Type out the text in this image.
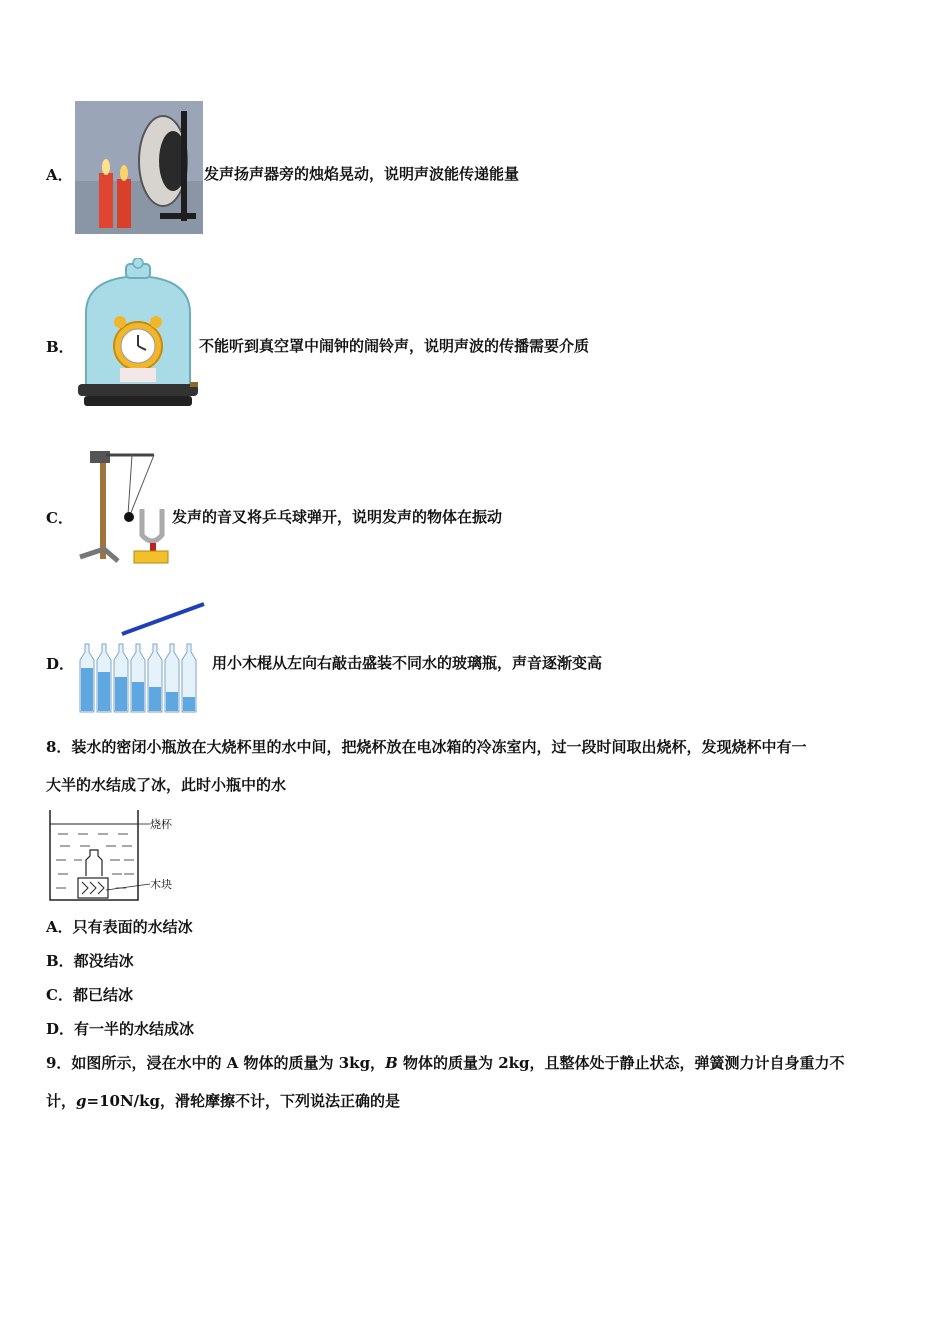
A．	发声扬声器旁的烛焰晃动，说明声波能传递能量
B．	不能听到真空罩中闹钟的闹铃声，说明声波的传播需要介质
C．	发声的音叉将乒乓球弹开，说明发声的物体在振动
D．	用小木棍从左向右敲击盛装不同水的玻璃瓶，声音逐渐变高
8．装水的密闭小瓶放在大烧杯里的水中间，把烧杯放在电冰箱的冷冻室内，过一段时间取出烧杯，发现烧杯中有一
大半的水结成了冰，此时小瓶中的水
烧杯
木块
A．只有表面的水结冰
B．都没结冰
C．都已结冰
D．有一半的水结成冰
9．如图所示，浸在水中的 A 物体的质量为 3kg，B 物体的质量为 2kg，且整体处于静止状态，弹簧测力计自身重力不
计，g=10N/kg，滑轮摩擦不计，下列说法正确的是
